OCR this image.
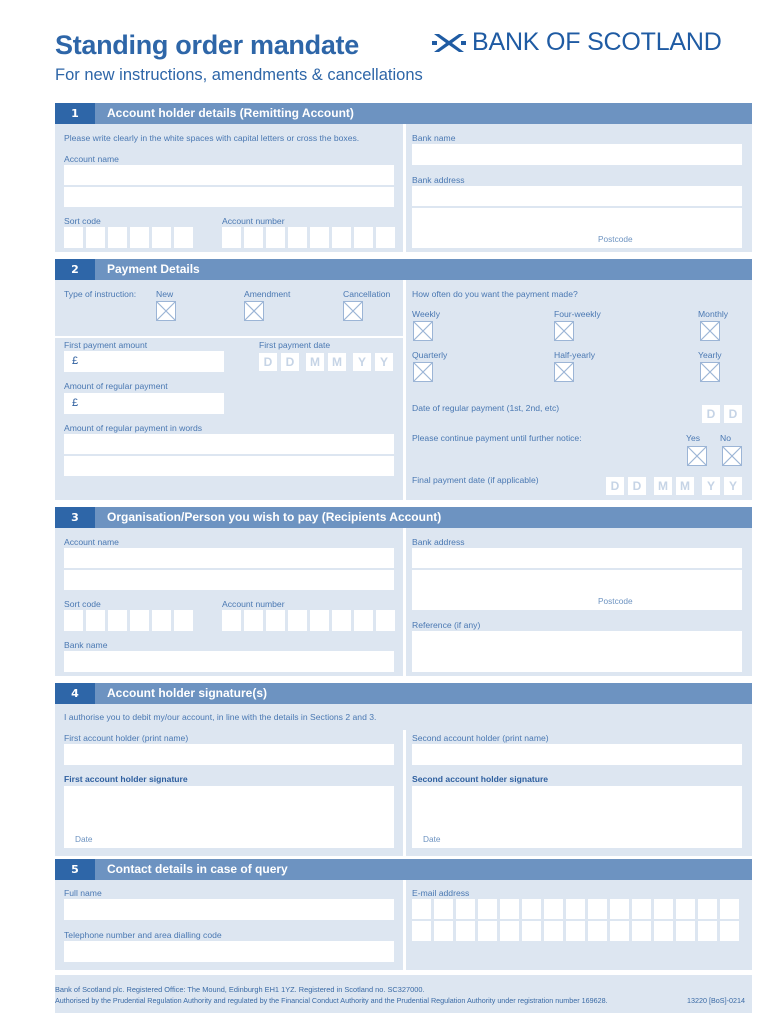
Standing order mandate
For new instructions, amendments & cancellations
BANK OF SCOTLAND
1	Account holder details (Remitting Account)
Please write clearly in the white spaces with capital letters or cross the boxes.
Account name
Sort code	Account number
Bank name
Bank address
Postcode
2	Payment Details
Type of instruction: New	Amendment	Cancellation
First payment amount
£
First payment date
D	D	M	M	Y	Y
Amount of regular payment
£
Amount of regular payment in words
How often do you want the payment made?
Weekly	Four-weekly	Monthly
Quarterly	Half-yearly	Yearly
Date of regular payment (1st, 2nd, etc)	D	D
Please continue payment until further notice:	Yes No
Final payment date (if applicable)	D	D	M	M	Y	Y
3	Organisation/Person you wish to pay (Recipients Account)
Account name
Sort code	Account number
Bank name
Bank address
Postcode
Reference (if any)
4	Account holder signature(s)
I authorise you to debit my/our account, in line with the details in Sections 2 and 3.
First account holder (print name)
First account holder signature
Date
Second account holder (print name)
Second account holder signature
Date
5	Contact details in case of query
Full name
Telephone number and area dialling code
E-mail address
Bank of Scotland plc. Registered Office: The Mound, Edinburgh EH1 1YZ. Registered in Scotland no. SC327000.
Authorised by the Prudential Regulation Authority and regulated by the Financial Conduct Authority and the Prudential Regulation Authority under registration number 169628.	13220 [BoS]-0214
